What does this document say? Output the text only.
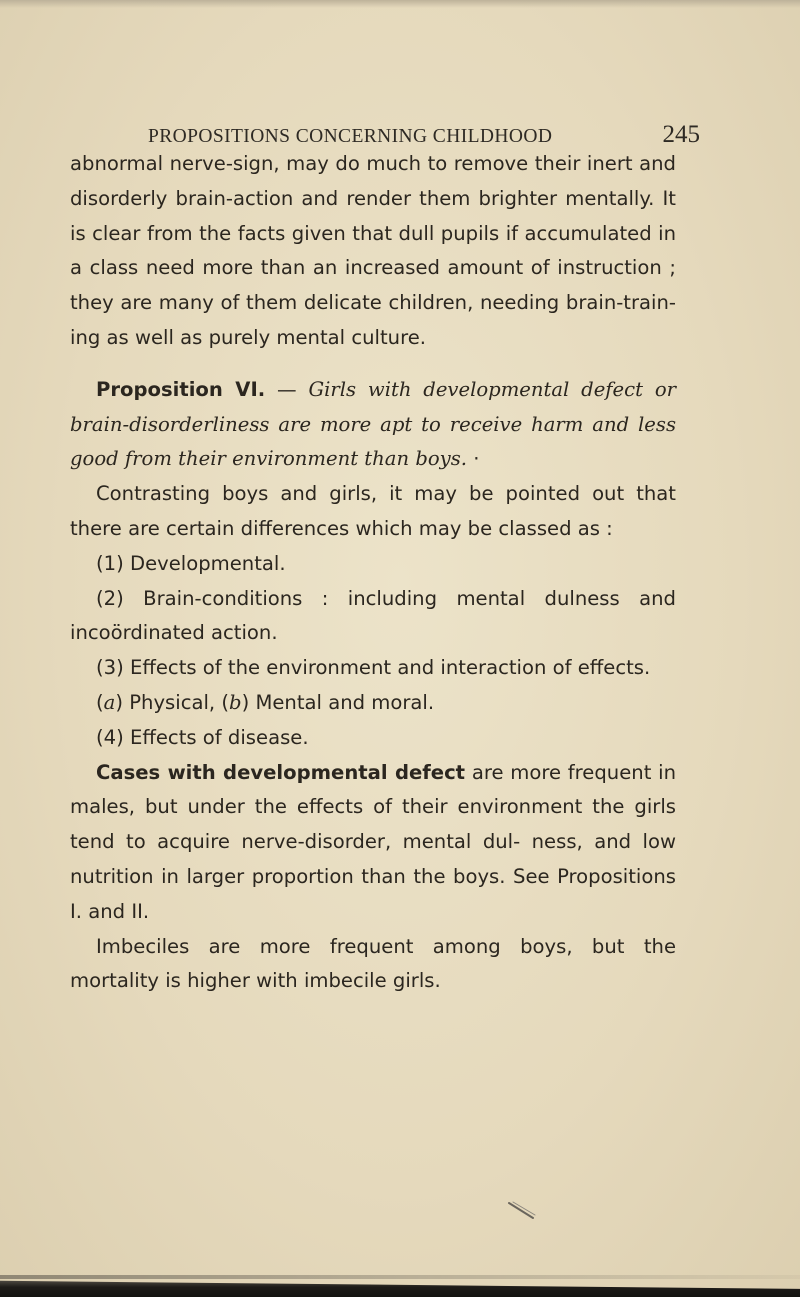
PROPOSITIONS CONCERNING CHILDHOOD	245

abnormal nerve-sign, may do much to remove their inert and disorderly brain-action and render them brighter mentally. It is clear from the facts given that dull pupils if accumulated in a class need more than an increased amount of instruction ; they are many of them delicate children, needing brain-train- ing as well as purely mental culture.

Proposition VI. — Girls with developmental defect or brain-disorderliness are more apt to receive harm and less good from their environment than boys. ·

Contrasting boys and girls, it may be pointed out that there are certain differences which may be classed as :

(1) Developmental.

(2) Brain-conditions : including mental dulness and incoördinated action.

(3) Effects of the environment and interaction of effects.

(a) Physical, (b) Mental and moral.

(4) Effects of disease.

Cases with developmental defect are more frequent in males, but under the effects of their environment the girls tend to acquire nerve-disorder, mental dul- ness, and low nutrition in larger proportion than the boys. See Propositions I. and II.

Imbeciles are more frequent among boys, but the mortality is higher with imbecile girls.
